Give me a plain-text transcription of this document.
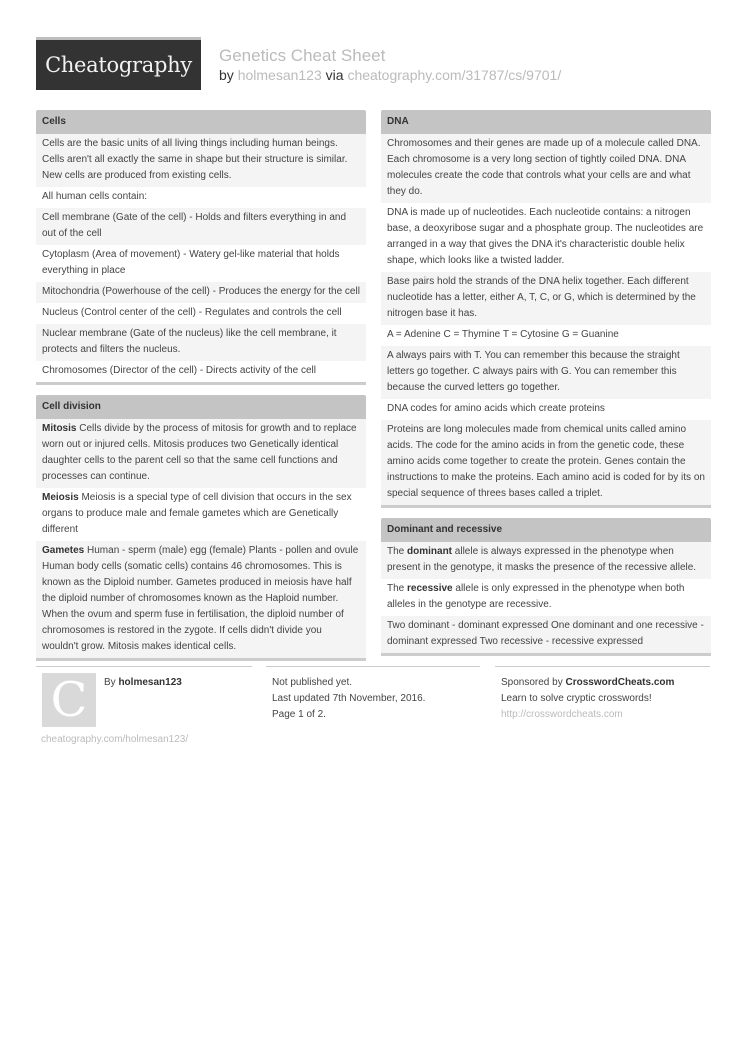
Cheatography Genetics Cheat Sheet
by holmesan123 via cheatography.com/31787/cs/9701/
Cells
Cells are the basic units of all living things including human beings. Cells aren't all exactly the same in shape but their structure is similar. New cells are produced from existing cells.
All human cells contain:
Cell membrane (Gate of the cell) - Holds and filters everything in and out of the cell
Cytoplasm (Area of movement) - Watery gel-like material that holds everything in place
Mitochondria (Powerhouse of the cell) - Produces the energy for the cell
Nucleus (Control center of the cell) - Regulates and controls the cell
Nuclear membrane (Gate of the nucleus) like the cell membrane, it protects and filters the nucleus.
Chromosomes (Director of the cell) - Directs activity of the cell
Cell division
Mitosis Cells divide by the process of mitosis for growth and to replace worn out or injured cells. Mitosis produces two Genetically identical daughter cells to the parent cell so that the same cell functions and processes can continue.
Meiosis Meiosis is a special type of cell division that occurs in the sex organs to produce male and female gametes which are Genetically different
Gametes Human - sperm (male) egg (female) Plants - pollen and ovule Human body cells (somatic cells) contains 46 chromosomes. This is known as the Diploid number. Gametes produced in meiosis have half the diploid number of chromosomes known as the Haploid number. When the ovum and sperm fuse in fertilisation, the diploid number of chromosomes is restored in the zygote. If cells didn't divide you wouldn't grow. Mitosis makes identical cells.
DNA
Chromosomes and their genes are made up of a molecule called DNA. Each chromosome is a very long section of tightly coiled DNA. DNA molecules create the code that controls what your cells are and what they do.
DNA is made up of nucleotides. Each nucleotide contains: a nitrogen base, a deoxyribose sugar and a phosphate group. The nucleotides are arranged in a way that gives the DNA it's characteristic double helix shape, which looks like a twisted ladder.
Base pairs hold the strands of the DNA helix together. Each different nucleotide has a letter, either A, T, C, or G, which is determined by the nitrogen base it has.
A = Adenine C = Thymine T = Cytosine G = Guanine
A always pairs with T. You can remember this because the straight letters go together. C always pairs with G. You can remember this because the curved letters go together.
DNA codes for amino acids which create proteins
Proteins are long molecules made from chemical units called amino acids. The code for the amino acids in from the genetic code, these amino acids come together to create the protein. Genes contain the instructions to make the proteins. Each amino acid is coded for by its on special sequence of threes bases called a triplet.
Dominant and recessive
The dominant allele is always expressed in the phenotype when present in the genotype, it masks the presence of the recessive allele.
The recessive allele is only expressed in the phenotype when both alleles in the genotype are recessive.
Two dominant - dominant expressed One dominant and one recessive - dominant expressed Two recessive - recessive expressed
C By holmesan123
cheatography.com/holmesan123/
Not published yet.
Last updated 7th November, 2016.
Page 1 of 2.
Sponsored by CrosswordCheats.com
Learn to solve cryptic crosswords!
http://crosswordcheats.com
